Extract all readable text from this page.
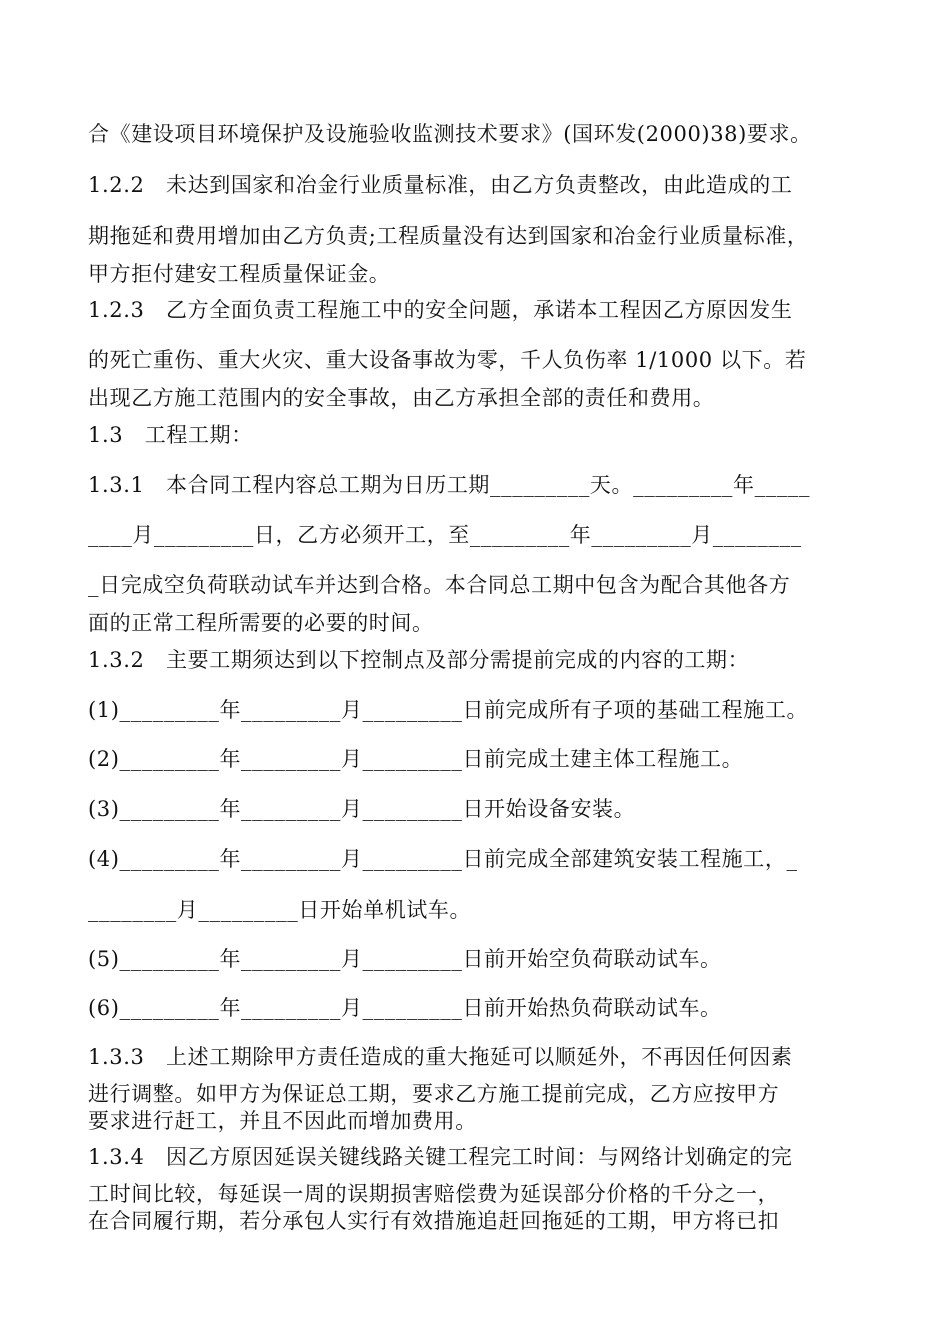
合《建设项目环境保护及设施验收监测技术要求》(国环发(2000)38)要求。

1.2.2　未达到国家和冶金行业质量标准，由乙方负责整改，由此造成的工

期拖延和费用增加由乙方负责;工程质量没有达到国家和冶金行业质量标准，

甲方拒付建安工程质量保证金。

1.2.3　乙方全面负责工程施工中的安全问题，承诺本工程因乙方原因发生

的死亡重伤、重大火灾、重大设备事故为零，千人负伤率 1/1000 以下。若

出现乙方施工范围内的安全事故，由乙方承担全部的责任和费用。

1.3　工程工期：

1.3.1　本合同工程内容总工期为日历工期_________天。_________年_____

____月_________日，乙方必须开工，至_________年_________月________

_日完成空负荷联动试车并达到合格。本合同总工期中包含为配合其他各方

面的正常工程所需要的必要的时间。

1.3.2　主要工期须达到以下控制点及部分需提前完成的内容的工期：

(1)_________年_________月_________日前完成所有子项的基础工程施工。

(2)_________年_________月_________日前完成土建主体工程施工。

(3)_________年_________月_________日开始设备安装。

(4)_________年_________月_________日前完成全部建筑安装工程施工，_

________月_________日开始单机试车。

(5)_________年_________月_________日前开始空负荷联动试车。

(6)_________年_________月_________日前开始热负荷联动试车。

1.3.3　上述工期除甲方责任造成的重大拖延可以顺延外，不再因任何因素

进行调整。如甲方为保证总工期，要求乙方施工提前完成，乙方应按甲方

要求进行赶工，并且不因此而增加费用。

1.3.4　因乙方原因延误关键线路关键工程完工时间：与网络计划确定的完

工时间比较，每延误一周的误期损害赔偿费为延误部分价格的千分之一，

在合同履行期，若分承包人实行有效措施追赶回拖延的工期，甲方将已扣
